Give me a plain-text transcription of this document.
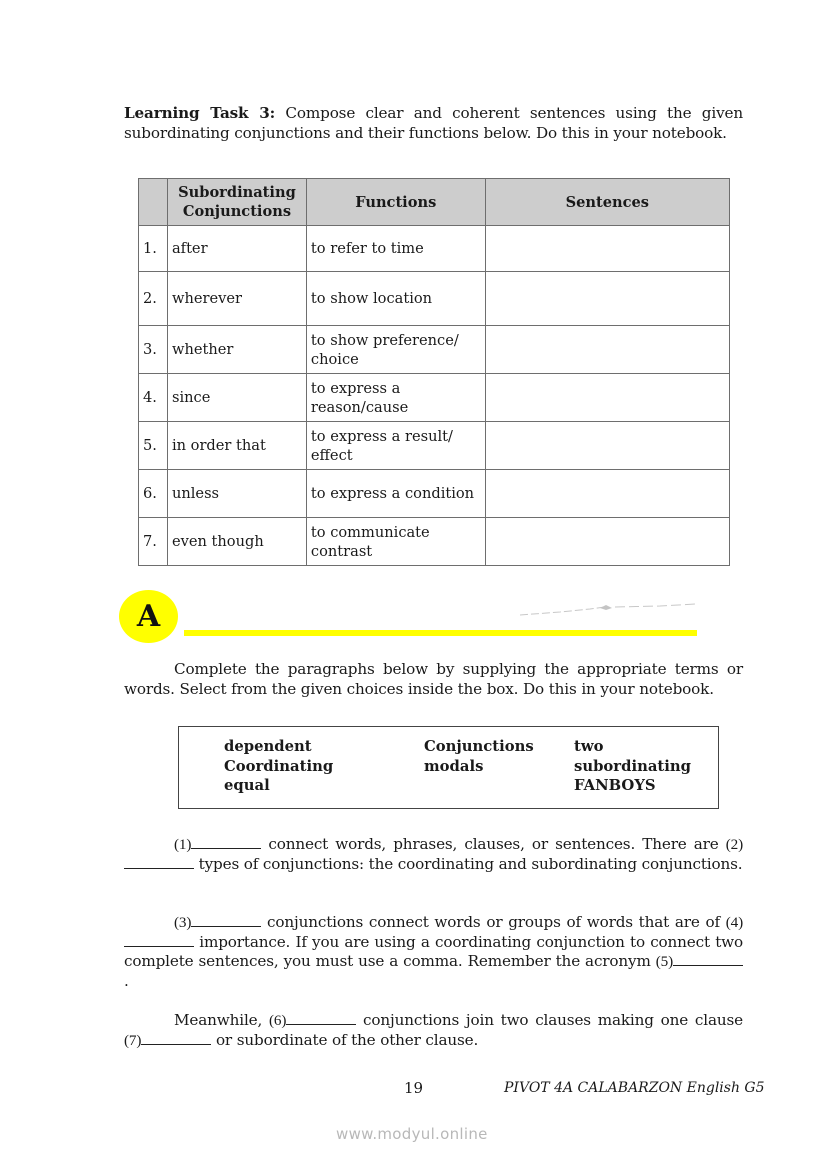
Learning Task 3: Compose clear and coherent sentences using the given subordinating conjunctions and their functions below. Do this in your notebook.

	Subordinating Conjunctions	Functions	Sentences
1.	after	to refer to time	
2.	wherever	to show location	
3.	whether	to show preference/ choice	
4.	since	to express a reason/cause	
5.	in order that	to express a result/ effect	
6.	unless	to express a condition	
7.	even though	to communicate contrast	
A

Complete the paragraphs below by supplying the appropriate terms or words. Select from the given choices inside the box. Do this in your notebook.

dependent
Coordinating
equal
Conjunctions
modals
two
subordinating
FANBOYS

(1)	connect words, phrases, clauses, or sentences. There are (2) types of conjunctions: the coordinating and subordinating conjunctions.

(3)	conjunctions connect words or groups of words that are of (4) importance. If you are using a coordinating conjunction to connect two complete sentences, you must use a comma. Remember the acronym (5).

Meanwhile, (6)	conjunctions join two clauses making one clause (7)	or subordinate of the other clause.

19	PIVOT 4A CALABARZON English G5
www.modyul.online
